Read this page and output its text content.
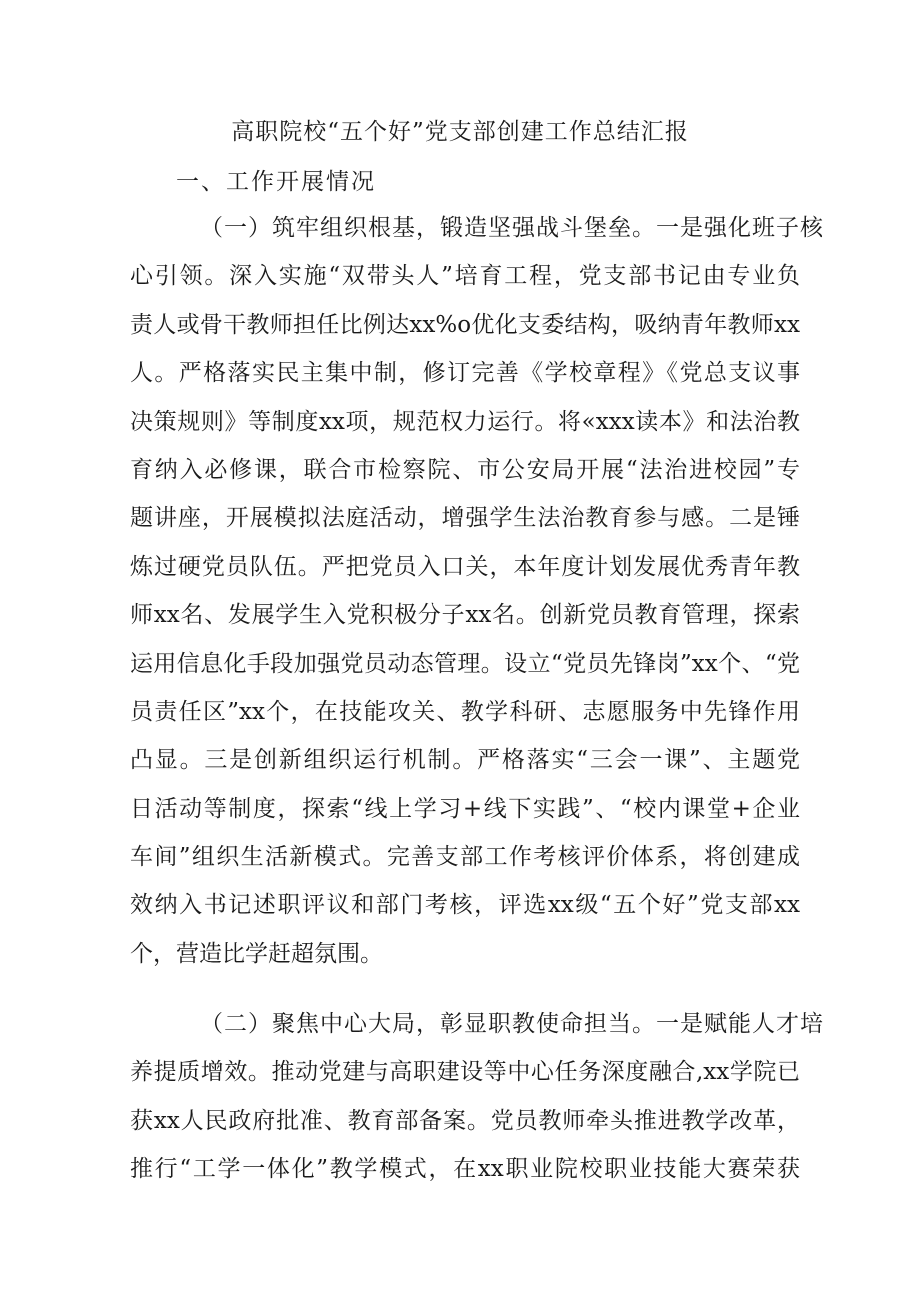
高职院校“五个好”党支部创建工作总结汇报
一、工作开展情况
（一）筑牢组织根基，锻造坚强战斗堡垒。一是强化班子核
心引领。深入实施“双带头人”培育工程，党支部书记由专业负
责人或骨干教师担任比例达xx%o优化支委结构，吸纳青年教师xx
人。严格落实民主集中制，修订完善《学校章程》《党总支议事
决策规则》等制度xx项，规范权力运行。将«xxx读本》和法治教
育纳入必修课，联合市检察院、市公安局开展“法治进校园”专
题讲座，开展模拟法庭活动，增强学生法治教育参与感。二是锤
炼过硬党员队伍。严把党员入口关，本年度计划发展优秀青年教
师xx名、发展学生入党积极分子xx名。创新党员教育管理，探索
运用信息化手段加强党员动态管理。设立“党员先锋岗”xx个、“党
员责任区”xx个，在技能攻关、教学科研、志愿服务中先锋作用
凸显。三是创新组织运行机制。严格落实“三会一课”、主题党
日活动等制度，探索“线上学习+线下实践”、“校内课堂+企业
车间”组织生活新模式。完善支部工作考核评价体系，将创建成
效纳入书记述职评议和部门考核，评选xx级“五个好”党支部xx
个，营造比学赶超氛围。
（二）聚焦中心大局，彰显职教使命担当。一是赋能人才培
养提质增效。推动党建与高职建设等中心任务深度融合,xx学院已
获xx人民政府批准、教育部备案。党员教师牵头推进教学改革，
推行“工学一体化”教学模式，在xx职业院校职业技能大赛荣获
